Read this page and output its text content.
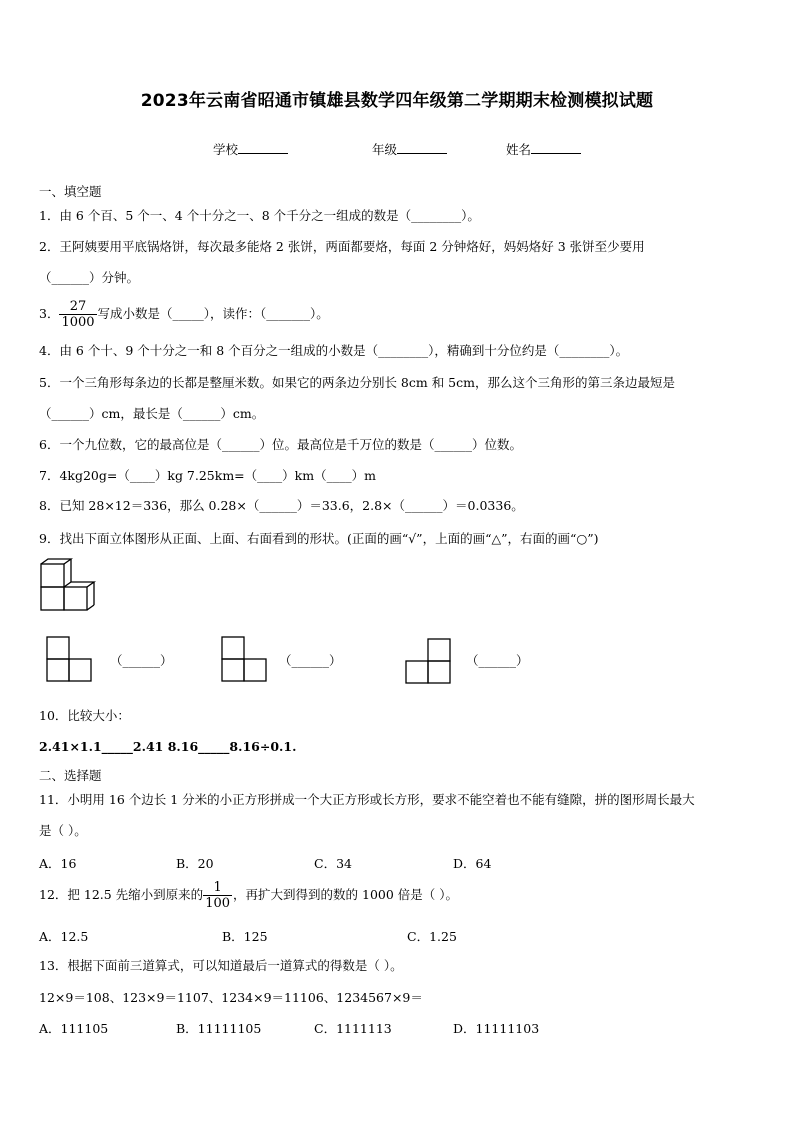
2023年云南省昭通市镇雄县数学四年级第二学期期末检测模拟试题
学校	年级	姓名
一、填空题
1．由 6 个百、5 个一、4 个十分之一、8 个千分之一组成的数是（________）。
2．王阿姨要用平底锅烙饼，每次最多能烙 2 张饼，两面都要烙，每面 2 分钟烙好，妈妈烙好 3 张饼至少要用
（______）分钟。
3． $\frac{27}{1000}$ 写成小数是（_____），读作：（_______）。
4．由 6 个十、9 个十分之一和 8 个百分之一组成的小数是（________），精确到十分位约是（________）。
5．一个三角形每条边的长都是整厘米数。如果它的两条边分别长 8cm 和 5cm，那么这个三角形的第三条边最短是
（______）cm，最长是（______）cm。
6．一个九位数，它的最高位是（______）位。最高位是千万位的数是（______）位数。
7．4kg20g=（____）kg 7.25km=（____）km（____）m
8．已知 28×12＝336，那么 0.28×（______）＝33.6，2.8×（______）＝0.0336。
9．找出下面立体图形从正面、上面、右面看到的形状。(正面的画“√”，上面的画“△”，右面的画“○”)
（______）	（______）	（______）
10．比较大小：
2.41×1.1_____2.41 8.16_____8.16÷0.1.
二、选择题
11．小明用 16 个边长 1 分米的小正方形拼成一个大正方形或长方形，要求不能空着也不能有缝隙，拼的图形周长最大
是（ ）。
A．16	B．20	C．34	D．64
12．把 12.5 先缩小到原来的 $\frac{1}{100}$ ，再扩大到得到的数的 1000 倍是（ ）。
A．12.5	B．125	C．1.25
13．根据下面前三道算式，可以知道最后一道算式的得数是（ ）。
12×9＝108、123×9＝1107、1234×9＝11106、1234567×9＝
A．111105	B．11111105	C．1111113	D．11111103
